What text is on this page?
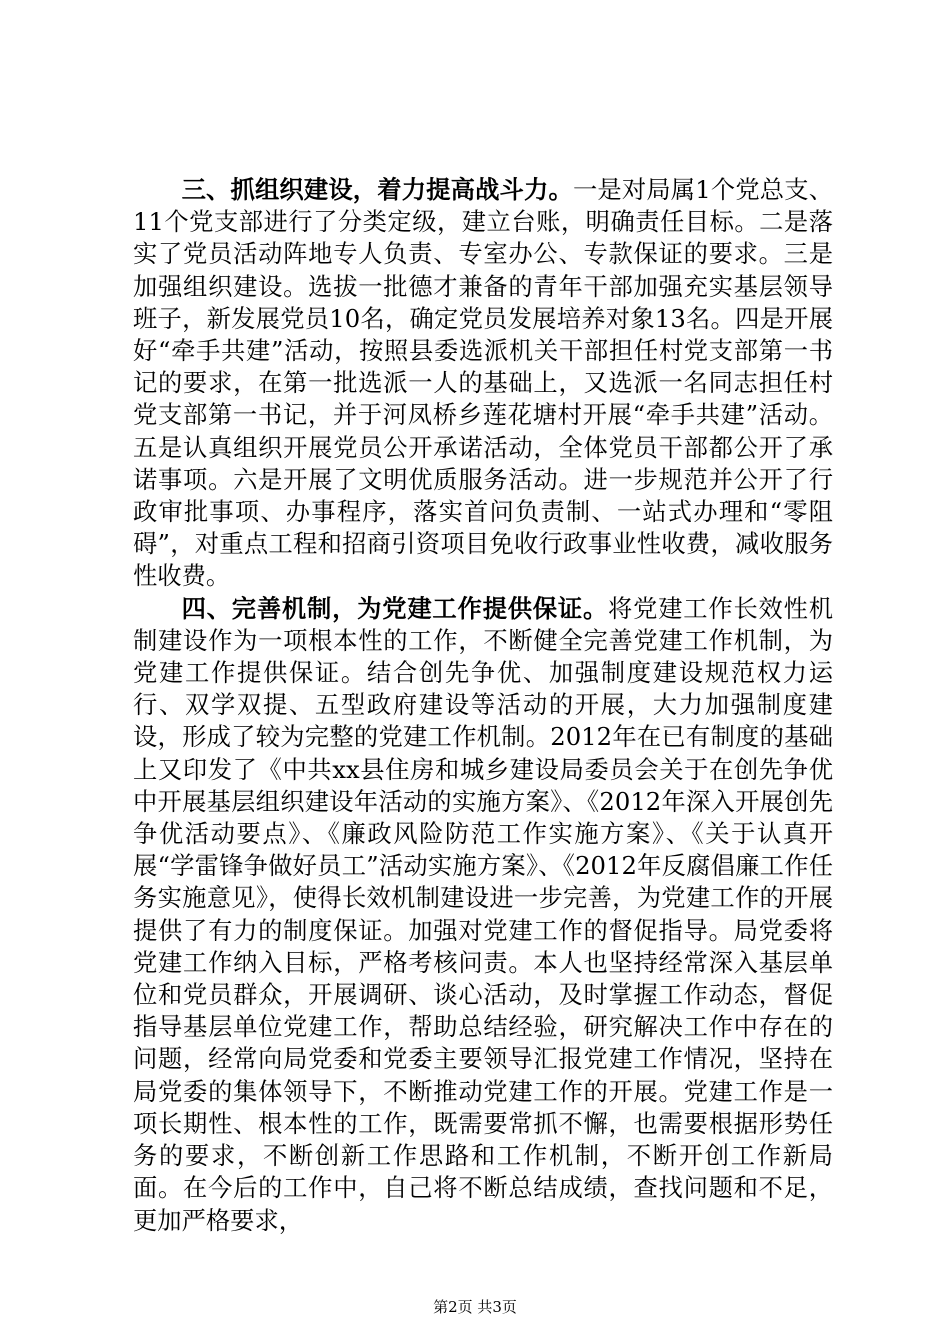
三、抓组织建设，着力提高战斗力。一是对局属1个党总支、11个党支部进行了分类定级，建立台账，明确责任目标。二是落实了党员活动阵地专人负责、专室办公、专款保证的要求。三是加强组织建设。选拔一批德才兼备的青年干部加强充实基层领导班子，新发展党员10名，确定党员发展培养对象13名。四是开展好“牵手共建”活动，按照县委选派机关干部担任村党支部第一书记的要求，在第一批选派一人的基础上，又选派一名同志担任村党支部第一书记，并于河凤桥乡莲花塘村开展“牵手共建”活动。五是认真组织开展党员公开承诺活动，全体党员干部都公开了承诺事项。六是开展了文明优质服务活动。进一步规范并公开了行政审批事项、办事程序，落实首问负责制、一站式办理和“零阻碍”，对重点工程和招商引资项目免收行政事业性收费，减收服务性收费。

四、完善机制，为党建工作提供保证。将党建工作长效性机制建设作为一项根本性的工作，不断健全完善党建工作机制，为党建工作提供保证。结合创先争优、加强制度建设规范权力运行、双学双提、五型政府建设等活动的开展，大力加强制度建设，形成了较为完整的党建工作机制。2012年在已有制度的基础上又印发了《中共xx县住房和城乡建设局委员会关于在创先争优中开展基层组织建设年活动的实施方案》、《2012年深入开展创先争优活动要点》、《廉政风险防范工作实施方案》、《关于认真开展“学雷锋争做好员工”活动实施方案》、《2012年反腐倡廉工作任务实施意见》，使得长效机制建设进一步完善，为党建工作的开展提供了有力的制度保证。加强对党建工作的督促指导。局党委将党建工作纳入目标，严格考核问责。本人也坚持经常深入基层单位和党员群众，开展调研、谈心活动，及时掌握工作动态，督促指导基层单位党建工作，帮助总结经验，研究解决工作中存在的问题，经常向局党委和党委主要领导汇报党建工作情况，坚持在局党委的集体领导下，不断推动党建工作的开展。党建工作是一项长期性、根本性的工作，既需要常抓不懈，也需要根据形势任务的要求，不断创新工作思路和工作机制，不断开创工作新局面。在今后的工作中，自己将不断总结成绩，查找问题和不足，更加严格要求，

第2页 共3页
